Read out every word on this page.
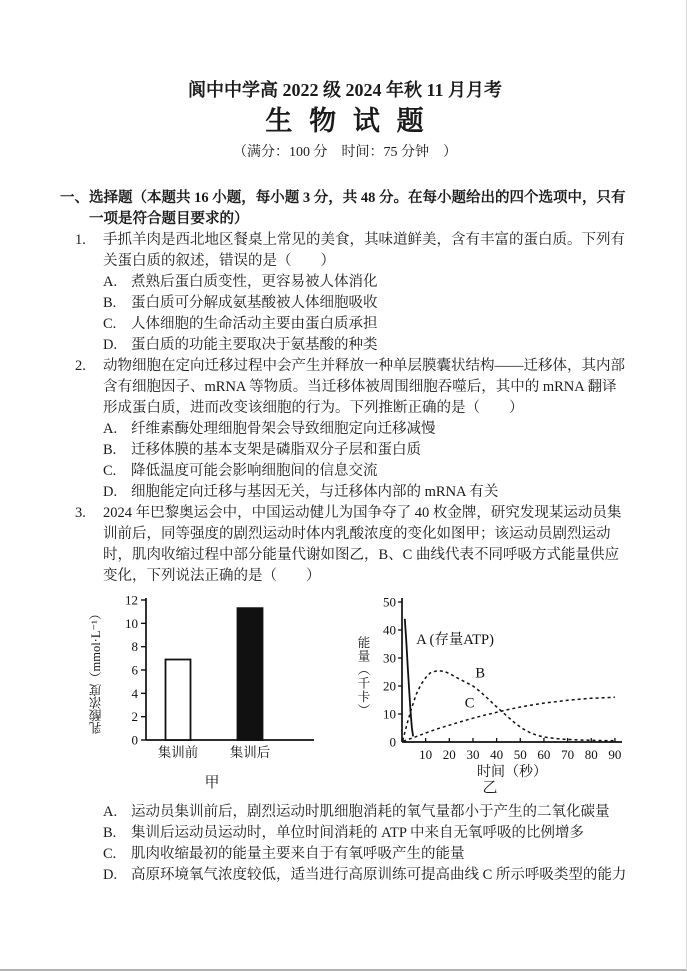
阆中中学高 2022 级 2024 年秋 11 月月考
生 物 试 题
（满分：100 分　时间：75 分钟　）
一、选择题（本题共 16 小题，每小题 3 分，共 48 分。在每小题给出的四个选项中，只有一项是符合题目要求的）
1.	手抓羊肉是西北地区餐桌上常见的美食，其味道鲜美，含有丰富的蛋白质。下列有关蛋白质的叙述，错误的是（　　）
A. 煮熟后蛋白质变性，更容易被人体消化
B.	蛋白质可分解成氨基酸被人体细胞吸收
C.	人体细胞的生命活动主要由蛋白质承担
D. 蛋白质的功能主要取决于氨基酸的种类
2.	动物细胞在定向迁移过程中会产生并释放一种单层膜囊状结构——迁移体，其内部含有细胞因子、mRNA 等物质。当迁移体被周围细胞吞噬后，其中的 mRNA 翻译形成蛋白质，进而改变该细胞的行为。下列推断正确的是（　　）
A. 纤维素酶处理细胞骨架会导致细胞定向迁移减慢
B.	迁移体膜的基本支架是磷脂双分子层和蛋白质
C.	降低温度可能会影响细胞间的信息交流
D. 细胞能定向迁移与基因无关，与迁移体内部的 mRNA 有关
3.	2024 年巴黎奥运会中，中国运动健儿为国争夺了 40 枚金牌，研究发现某运动员集训前后，同等强度的剧烈运动时体内乳酸浓度的变化如图甲；该运动员剧烈运动时，肌肉收缩过程中部分能量代谢如图乙，B、C 曲线代表不同呼吸方式能量供应变化，下列说法正确的是（　　）
乳酸浓度（mmol·L⁻¹）
0
2
4
6
8
10
12
集训前 集训后
甲
能量（千卡）
0
10
20
30
40
50
10 20 30 40 50 60 70 80 90
时间（秒）
A (存量ATP)
B
C
乙
A. 运动员集训前后，剧烈运动时肌细胞消耗的氧气量都小于产生的二氧化碳量
B.	集训后运动员运动时，单位时间消耗的 ATP 中来自无氧呼吸的比例增多
C.	肌肉收缩最初的能量主要来自于有氧呼吸产生的能量
D. 高原环境氧气浓度较低，适当进行高原训练可提高曲线 C 所示呼吸类型的能力
